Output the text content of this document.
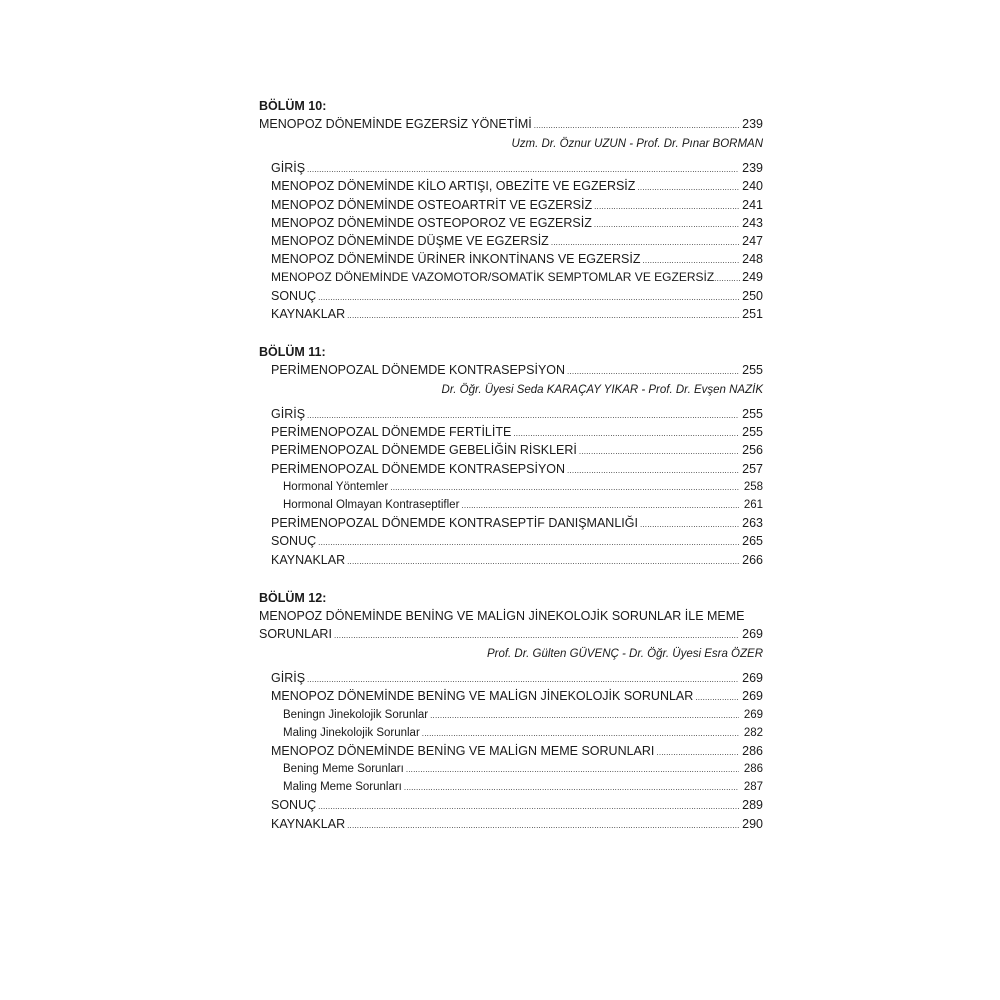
BÖLÜM 10:
MENOPOZ DÖNEMİNDE EGZERSİZ YÖNETİMİ .....	239
Uzm. Dr. Öznur UZUN - Prof. Dr. Pınar BORMAN
GİRİŞ .....	239
MENOPOZ DÖNEMİNDE KİLO ARTIŞI, OBEZİTE VE EGZERSİZ .....	240
MENOPOZ DÖNEMİNDE OSTEOARTRİT VE EGZERSİZ .....	241
MENOPOZ DÖNEMİNDE OSTEOPOROZ VE EGZERSİZ .....	243
MENOPOZ DÖNEMİNDE DÜŞME VE EGZERSİZ .....	247
MENOPOZ DÖNEMİNDE ÜRİNER İNKONTİNANS VE EGZERSİZ .....	248
MENOPOZ DÖNEMİNDE VAZOMOTOR/SOMATİK SEMPTOMLAR VE EGZERSİZ ..... 249
SONUÇ .....	250
KAYNAKLAR .....	251
BÖLÜM 11:
PERİMENOPOZAL DÖNEMDE KONTRASEPSİYON .....	255
Dr. Öğr. Üyesi Seda KARAÇAY YIKAR - Prof. Dr. Evşen NAZİK
GİRİŞ .....	255
PERİMENOPOZAL DÖNEMDE FERTİLİTE .....	255
PERİMENOPOZAL DÖNEMDE GEBELİĞİN RİSKLERİ .....	256
PERİMENOPOZAL DÖNEMDE KONTRASEPSİYON .....	257
Hormonal Yöntemler .....	258
Hormonal Olmayan Kontraseptifler .....	261
PERİMENOPOZAL DÖNEMDE KONTRASEPTİF DANIŞMANLIĞI .....	263
SONUÇ .....	265
KAYNAKLAR .....	266
BÖLÜM 12:
MENOPOZ DÖNEMİNDE BENİNG VE MALİGN JİNEKOLOJİK SORUNLAR İLE MEME
SORUNLARI .....	269
Prof. Dr. Gülten GÜVENÇ - Dr. Öğr. Üyesi Esra ÖZER
GİRİŞ .....	269
MENOPOZ DÖNEMİNDE BENİNG VE MALİGN JİNEKOLOJİK SORUNLAR .....	269
Beningn Jinekolojik Sorunlar .....	269
Maling Jinekolojik Sorunlar .....	282
MENOPOZ DÖNEMİNDE BENİNG VE MALİGN MEME SORUNLARI .....	286
Bening Meme Sorunları .....	286
Maling Meme Sorunları .....	287
SONUÇ .....	289
KAYNAKLAR .....	290
